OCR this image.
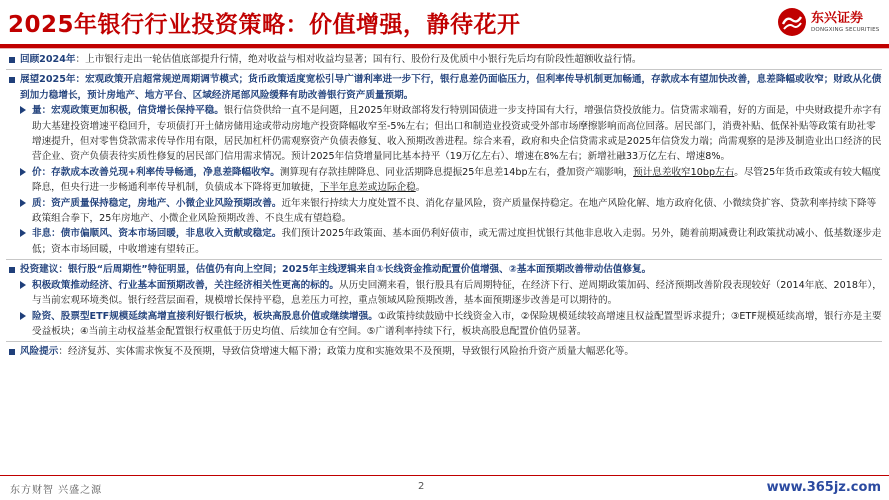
2025年银行行业投资策略：价值增强，静待花开	东兴证券
DONGXING SECURITIES
回顾2024年：上市银行走出一轮估值底部提升行情，绝对收益与相对收益均显著；国有行、股份行及优质中小银行先后均有阶段性超额收益行情。
展望2025年：宏观政策开启超常规逆周期调节模式；货币政策适度宽松引导广谱利率进一步下行，银行息差仍面临压力，但利率传导机制更加畅通，存款成本有望加快改善，息差降幅或收窄；财政从化债到加力稳增长，预计房地产、地方平台、区域经济尾部风险缓释有助改善银行资产质量预期。
量：宏观政策更加积极，信贷增长保持平稳。银行信贷供给一直不是问题，且2025年财政部将发行特别国债进一步支持国有大行，增强信贷投放能力。信贷需求端看，好的方面是，中央财政提升赤字有助大基建投资增速平稳回升，专项债打开土储房储用途或带动房地产投资降幅收窄至-5%左右；但出口和制造业投资或受外部市场摩擦影响而高位回落。居民部门，消费补贴、低保补贴等政策有助社零增速提升，但对零售贷款需求传导作用有限，居民加杠杆仍需观察资产负债表修复、收入预期改善进程。综合来看，政府和央企信贷需求或是2025年信贷发力端；尚需观察的是涉及制造业出口经济的民营企业、资产负债表待实质性修复的居民部门信用需求情况。预计2025年信贷增量同比基本持平（19万亿左右）、增速在8%左右；新增社融33万亿左右、增速8%。
价：存款成本改善兑现+利率传导畅通，净息差降幅收窄。测算现有存款挂牌降息、同业活期降息提振25年息差14bp左右，叠加资产端影响，预计息差收窄10bp左右。尽管25年货币政策或有较大幅度降息，但央行进一步畅通利率传导机制，负债成本下降将更加敏捷，下半年息差或边际企稳。
质：资产质量保持稳定，房地产、小微企业风险预期改善。近年来银行持续大力度处置不良、消化存量风险，资产质量保持稳定。在地产风险化解、地方政府化债、小微续贷扩容、贷款利率持续下降等政策组合拳下，25年房地产、小微企业风险预期改善、不良生成有望趋稳。
非息：债市偏顺风、资本市场回暖，非息收入贡献或稳定。我们预计2025年政策面、基本面仍利好债市，或无需过度担忧银行其他非息收入走弱。另外，随着前期减费让利政策扰动减小、低基数逐步走低；资本市场回暖，中收增速有望转正。
投资建议：银行股“后周期性”特征明显，估值仍有向上空间；2025年主线逻辑来自①长线资金推动配置价值增强、②基本面预期改善带动估值修复。
积极政策推动经济、行业基本面预期改善，关注经济相关性更高的标的。从历史回溯来看，银行股具有后周期特征，在经济下行、逆周期政策加码、经济预期改善阶段表现较好（2014年底、2018年），与当前宏观环境类似。银行经营层面看，规模增长保持平稳，息差压力可控，重点领域风险预期改善，基本面预期逐步改善是可以期待的。
险资、股票型ETF规模延续高增直接利好银行板块，板块高股息价值或继续增强。①政策持续鼓励中长线资金入市，②保险规模延续较高增速且权益配置型诉求提升；③ETF规模延续高增，银行亦是主要受益板块；④当前主动权益基金配置银行权重低于历史均值、后续加仓有空间。⑤广谱利率持续下行，板块高股息配置价值仍显著。
风险提示：经济复苏、实体需求恢复不及预期，导致信贷增速大幅下滑；政策力度和实施效果不及预期，导致银行风险抬升资产质量大幅恶化等。
东方财智 兴盛之源	2	www.365jz.com
